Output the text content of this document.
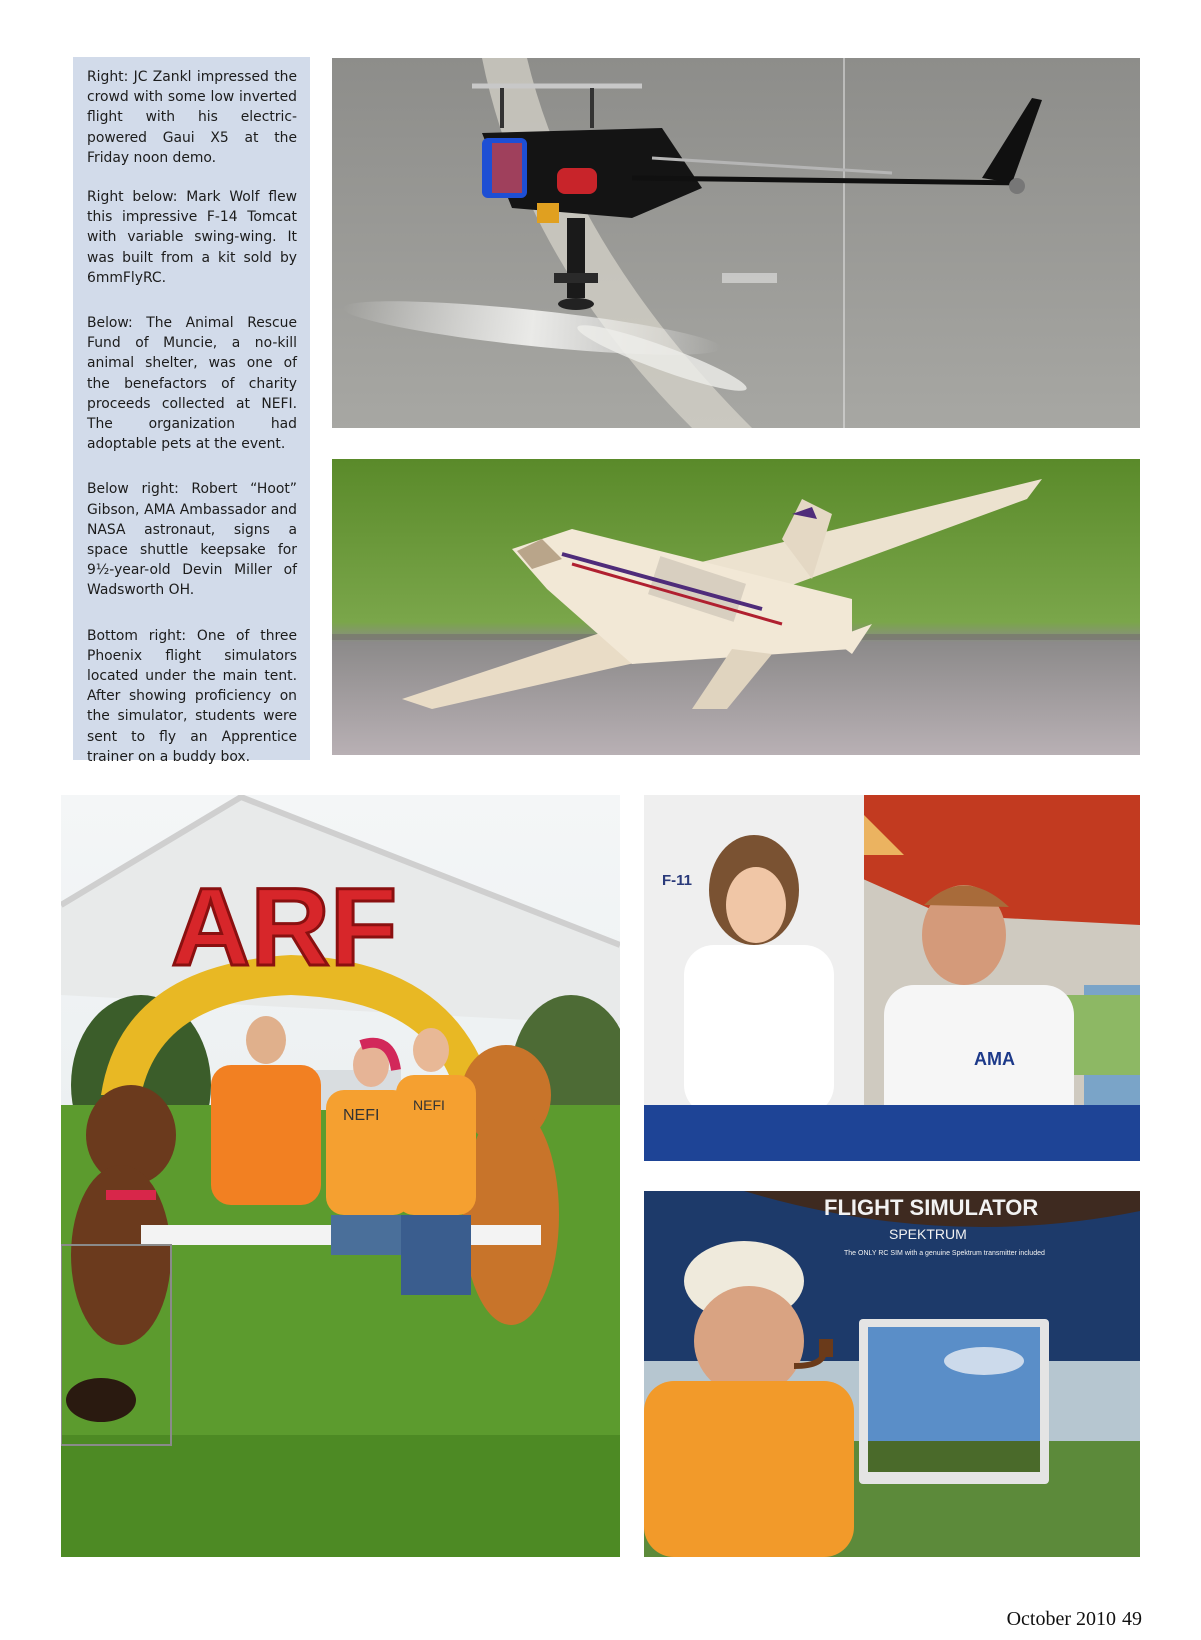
Right: JC Zankl impressed the crowd with some low inverted flight with his electric-powered Gaui X5 at the Friday noon demo.

Right below: Mark Wolf flew this impressive F-14 Tomcat with variable swing-wing. It was built from a kit sold by 6mmFlyRC.

Below: The Animal Rescue Fund of Muncie, a no-kill animal shelter, was one of the benefactors of charity proceeds collected at NEFI. The organization had adoptable pets at the event.

Below right: Robert “Hoot” Gibson, AMA Ambassador and NASA astronaut, signs a space shuttle keepsake for 9½-year-old Devin Miller of Wadsworth OH.

Bottom right: One of three Phoenix flight simulators located under the main tent. After showing proficiency on the simulator, students were sent to fly an Apprentice trainer on a buddy box.

ARF
NEFI
NEFI
F-11
AMA
FLIGHT SIMULATOR
SPEKTRUM
The ONLY RC SIM with a genuine Spektrum transmitter included
October 2010 49
